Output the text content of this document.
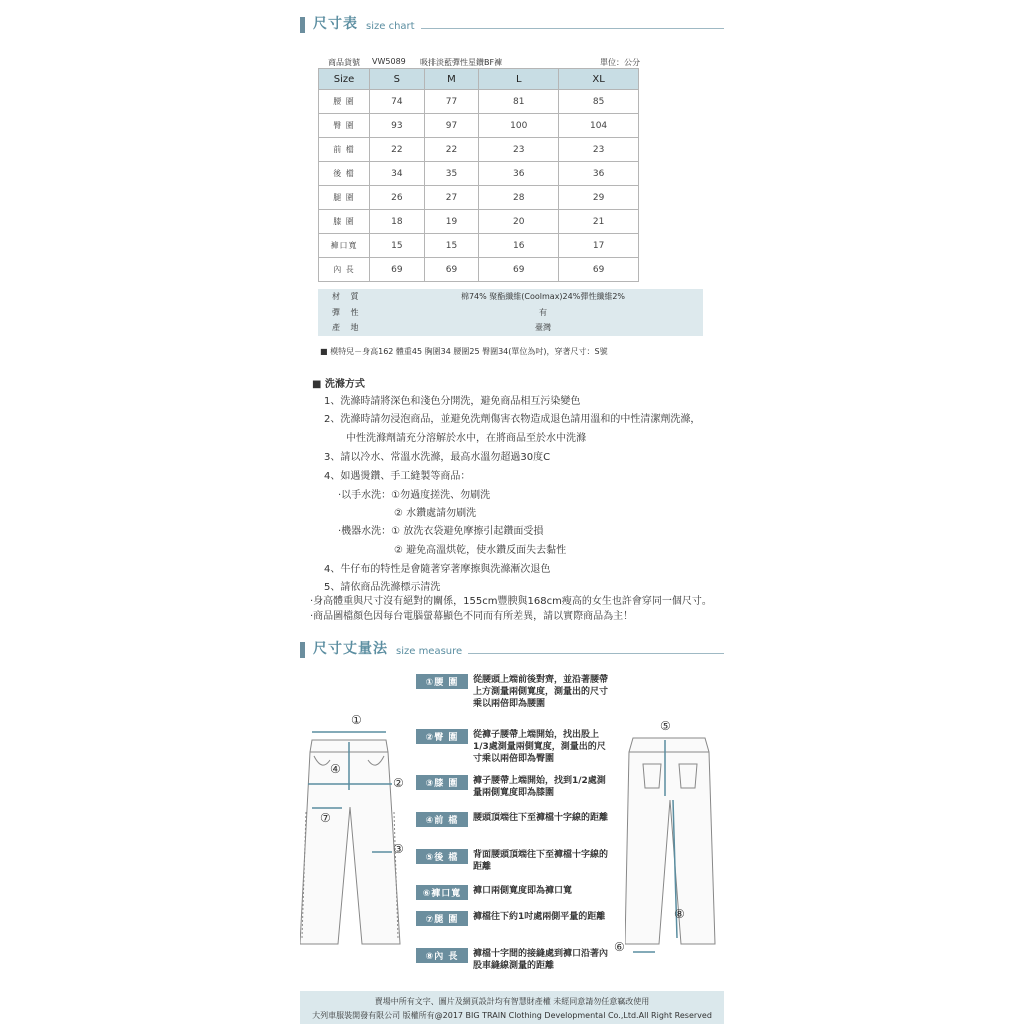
尺寸表 size chart
商品貨號 VW5089 吸排淡藍彈性星鑽BF褲	單位：公分
Size	S	M	L	XL
腰 圍	74	77	81	85
臀 圍	93	97	100	104
前 檔	22	22	23	23
後 檔	34	35	36	36
腿 圍	26	27	28	29
膝 圍	18	19	20	21
褲口寬	15	15	16	17
內 長	69	69	69	69
材 質	棉74% 聚酯纖維(Coolmax)24%彈性纖維2%
彈 性	有
產 地	臺灣
■ 模特兒－身高162 體重45 胸圍34 腰圍25 臀圍34(單位為吋)，穿著尺寸：S號
■ 洗滌方式
1、洗滌時請將深色和淺色分開洗，避免商品相互污染變色
2、洗滌時請勿浸泡商品，並避免洗劑傷害衣物造成退色請用溫和的中性清潔劑洗滌，
中性洗滌劑請充分溶解於水中，在將商品至於水中洗滌
3、請以冷水、常溫水洗滌，最高水溫勿超過30度C
4、如遇燙鑽、手工縫製等商品：
‧以手水洗：①勿過度搓洗、勿刷洗
② 水鑽處請勿刷洗
‧機器水洗：① 放洗衣袋避免摩擦引起鑽面受損
② 避免高溫烘乾，使水鑽反面失去黏性
4、牛仔布的特性是會隨著穿著摩擦與洗滌漸次退色
5、請依商品洗滌標示清洗
‧身高體重與尺寸沒有絕對的關係，155cm豐腴與168cm瘦高的女生也許會穿同一個尺寸。
‧商品圖檔顏色因每台電腦螢幕顯色不同而有所差異，請以實際商品為主！
尺寸丈量法 size measure
①
④
②
⑦
③
⑤
⑧
⑥
①腰 圍	從腰頭上端前後對齊，並沿著腰帶上方測量兩側寬度，測量出的尺寸乘以兩倍即為腰圍
②臀 圍	從褲子腰帶上端開始，找出股上1/3處測量兩側寬度，測量出的尺寸乘以兩倍即為臀圍
③膝 圍	褲子腰帶上端開始，找到1/2處測量兩側寬度即為膝圍
④前 檔	腰頭頂端往下至褲檔十字線的距離
⑤後 檔	背面腰頭頂端往下至褲檔十字線的距離
⑥褲口寬	褲口兩側寬度即為褲口寬
⑦腿 圍	褲檔往下約1吋處兩側平量的距離
⑧內 長	褲檔十字間的接縫處到褲口沿著內股車縫線測量的距離
賣場中所有文字、圖片及網頁設計均有智慧財產權 未經同意請勿任意竊改使用
大列車服裝開發有限公司 版權所有@2017 BIG TRAIN Clothing Developmental Co.,Ltd.All Right Reserved
